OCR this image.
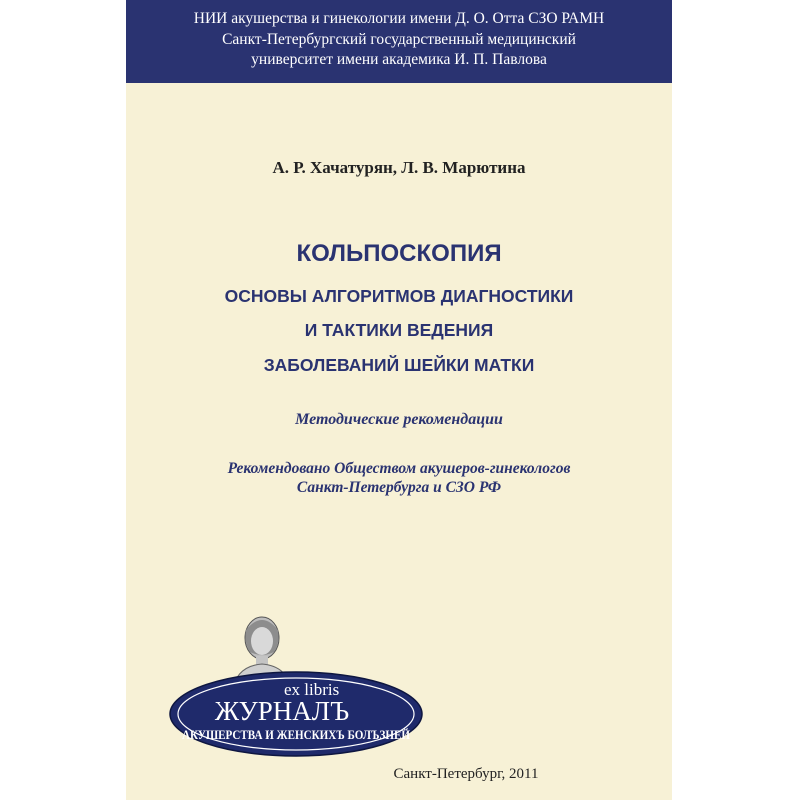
НИИ акушерства и гинекологии имени Д. О. Отта СЗО РАМН
Санкт-Петербургский государственный медицинский
университет имени академика И. П. Павлова
А. Р. Хачатурян, Л. В. Марютина
КОЛЬПОСКОПИЯ
ОСНОВЫ АЛГОРИТМОВ ДИАГНОСТИКИ
И ТАКТИКИ ВЕДЕНИЯ
ЗАБОЛЕВАНИЙ ШЕЙКИ МАТКИ
Методические рекомендации
Рекомендовано Обществом акушеров-гинекологов
Санкт-Петербурга и СЗО РФ
ex libris
ЖУРНАЛЪ
АКУШЕРСТВА И ЖЕНСКИХЪ БОЛЪЗНЕЙ
Санкт-Петербург, 2011
